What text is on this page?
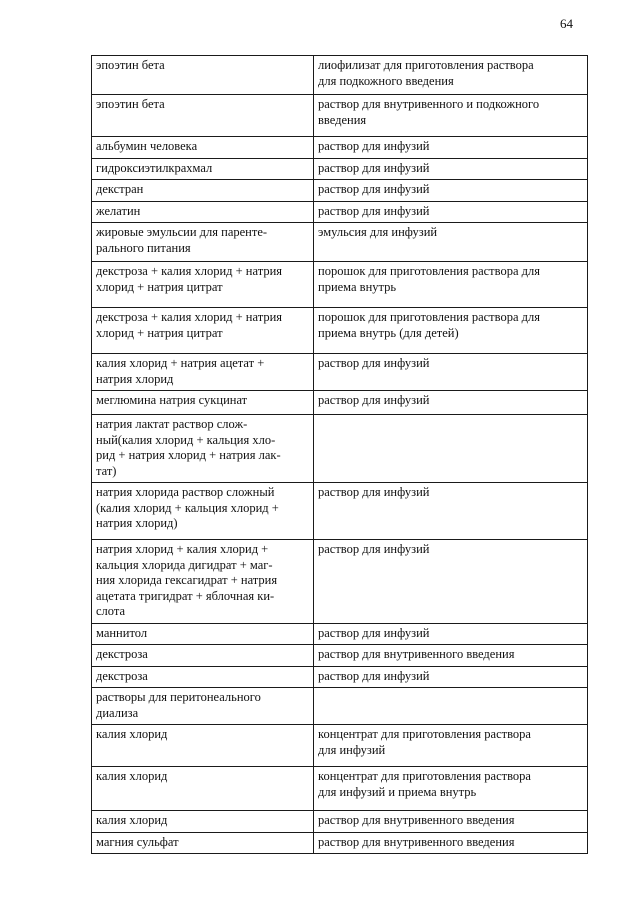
64
эпоэтин бета	лиофилизат для приготовления раствора
для подкожного введения

эпоэтин бета	раствор для внутривенного и подкожного
введения

альбумин человека	раствор для инфузий

гидроксиэтилкрахмал	раствор для инфузий

декстран	раствор для инфузий

желатин	раствор для инфузий

жировые эмульсии для паренте-
рального питания	эмульсия для инфузий

декстроза + калия хлорид + натрия
хлорид + натрия цитрат	порошок для приготовления раствора для
приема внутрь

декстроза + калия хлорид + натрия
хлорид + натрия цитрат	порошок для приготовления раствора для
приема внутрь (для детей)

калия хлорид + натрия ацетат +
натрия хлорид	раствор для инфузий

меглюмина натрия сукцинат	раствор для инфузий

натрия лактат раствор слож-
ный(калия хлорид + кальция хло-
рид + натрия хлорид + натрия лак-
тат)	

натрия хлорида раствор сложный
(калия хлорид + кальция хлорид +
натрия хлорид)	раствор для инфузий

натрия хлорид + калия хлорид +
кальция хлорида дигидрат + маг-
ния хлорида гексагидрат + натрия
ацетата тригидрат + яблочная ки-
слота	раствор для инфузий

маннитол	раствор для инфузий

декстроза	раствор для внутривенного введения

декстроза	раствор для инфузий

растворы для перитонеального
диализа	

калия хлорид	концентрат для приготовления раствора
для инфузий

калия хлорид	концентрат для приготовления раствора
для инфузий и приема внутрь

калия хлорид	раствор для внутривенного введения

магния сульфат	раствор для внутривенного введения
